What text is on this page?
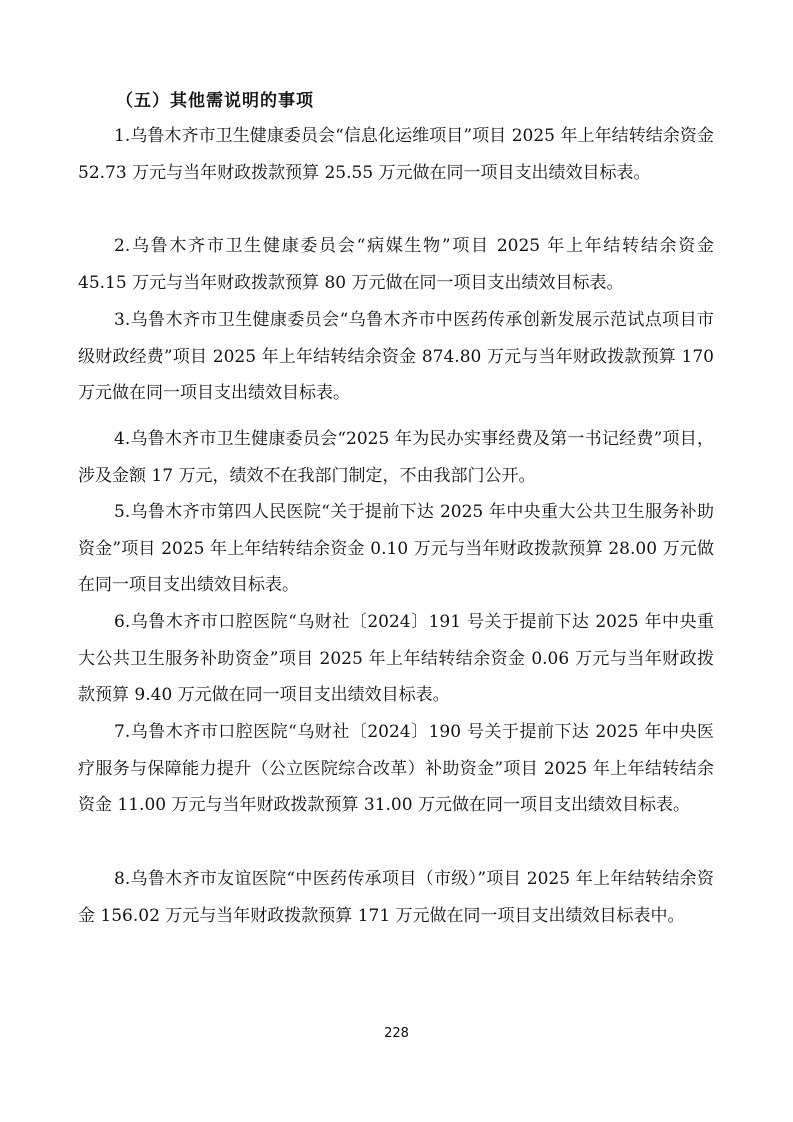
（五）其他需说明的事项

1.乌鲁木齐市卫生健康委员会“信息化运维项目”项目 2025 年上年结转结余资金 52.73 万元与当年财政拨款预算 25.55 万元做在同一项目支出绩效目标表。

2.乌鲁木齐市卫生健康委员会“病媒生物”项目 2025 年上年结转结余资金 45.15 万元与当年财政拨款预算 80 万元做在同一项目支出绩效目标表。

3.乌鲁木齐市卫生健康委员会“乌鲁木齐市中医药传承创新发展示范试点项目市级财政经费”项目 2025 年上年结转结余资金 874.80 万元与当年财政拨款预算 170 万元做在同一项目支出绩效目标表。

4.乌鲁木齐市卫生健康委员会“2025 年为民办实事经费及第一书记经费”项目，涉及金额 17 万元，绩效不在我部门制定，不由我部门公开。

5.乌鲁木齐市第四人民医院“关于提前下达 2025 年中央重大公共卫生服务补助资金”项目 2025 年上年结转结余资金 0.10 万元与当年财政拨款预算 28.00 万元做在同一项目支出绩效目标表。

6.乌鲁木齐市口腔医院“乌财社〔2024〕191 号关于提前下达 2025 年中央重大公共卫生服务补助资金”项目 2025 年上年结转结余资金 0.06 万元与当年财政拨款预算 9.40 万元做在同一项目支出绩效目标表。

7.乌鲁木齐市口腔医院“乌财社〔2024〕190 号关于提前下达 2025 年中央医疗服务与保障能力提升（公立医院综合改革）补助资金”项目 2025 年上年结转结余资金 11.00 万元与当年财政拨款预算 31.00 万元做在同一项目支出绩效目标表。

8.乌鲁木齐市友谊医院“中医药传承项目（市级）”项目 2025 年上年结转结余资金 156.02 万元与当年财政拨款预算 171 万元做在同一项目支出绩效目标表中。

228
